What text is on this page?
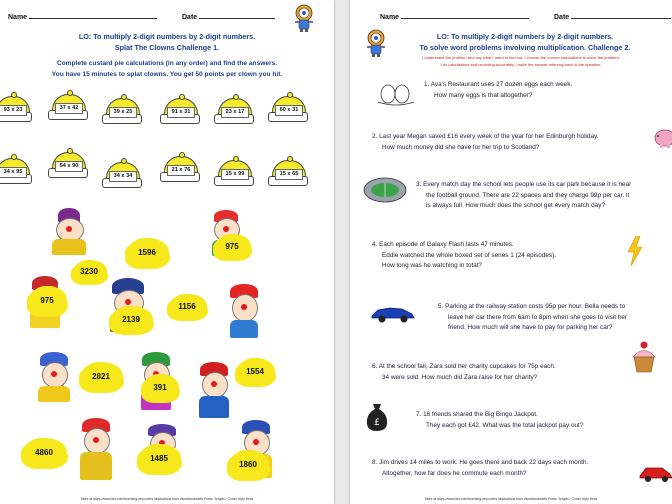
Name	Date
LO: To multiply 2-digit numbers by 2-digit numbers.
Splat The Clowns Challenge 1.
Complete custard pie calculations (in any order) and find the answers.
You have 15 minutes to splat clowns. You get 50 points per clown you hit.
93 x 23	37 x 42
39 x 25	91 x 31	23 x 17	60 x 31
34 x 95
54 x 90
34 x 34
21 x 76
15 x 99	15 x 65
1596
975
3230
975
2139
1156
2821
391
1554
4860
1485
1860
More at https://www.tes.com/teaching-resources Illustrations from clipartandcrafts Fonts: Sniglet / Comic style fonts
Name	Date
LO: To multiply 2-digit numbers by 2-digit numbers.
To solve word problems involving multiplication. Challenge 2.
I understand the problem and say what I need to find out. I choose the correct calculations to solve the problem.
I do calculations and recording accurately. I write the answer referring back to the question.
£
1. Ava's Restaurant uses 27 dozen eggs each week.
How many eggs is that altogether?
2. Last year Megan saved £16 every week of the year for her Edinburgh holiday.
How much money did she have for her trip to Scotland?
3. Every match day the school lets people use its car park because it is near
the football ground. There are 22 spaces and they charge 99p per car. It
is always full. How much does the school get every match day?
4. Each episode of Galaxy Flash lasts 47 minutes.
Eddie watched the whole boxed set of series 1 (24 episodes).
How long was he watching in total?
5. Parking at the railway station costs 95p per hour. Bella needs to
leave her car there from 6am to 8pm when she goes to visit her
friend. How much will she have to pay for parking her car?
6. At the school fair, Zara sold her charity cupcakes for 75p each.
34 were sold. How much did Zara raise for her charity?
7. 16 friends shared the Big Bingo Jackpot.
They each got £42. What was the total jackpot pay out?
8. Jim drives 14 miles to work. He goes there and back 22 days each month.
Altogether, how far does he commute each month?
More at https://www.tes.com/teaching-resources Illustrations from clipartandcrafts Fonts: Sniglet / Comic style fonts
